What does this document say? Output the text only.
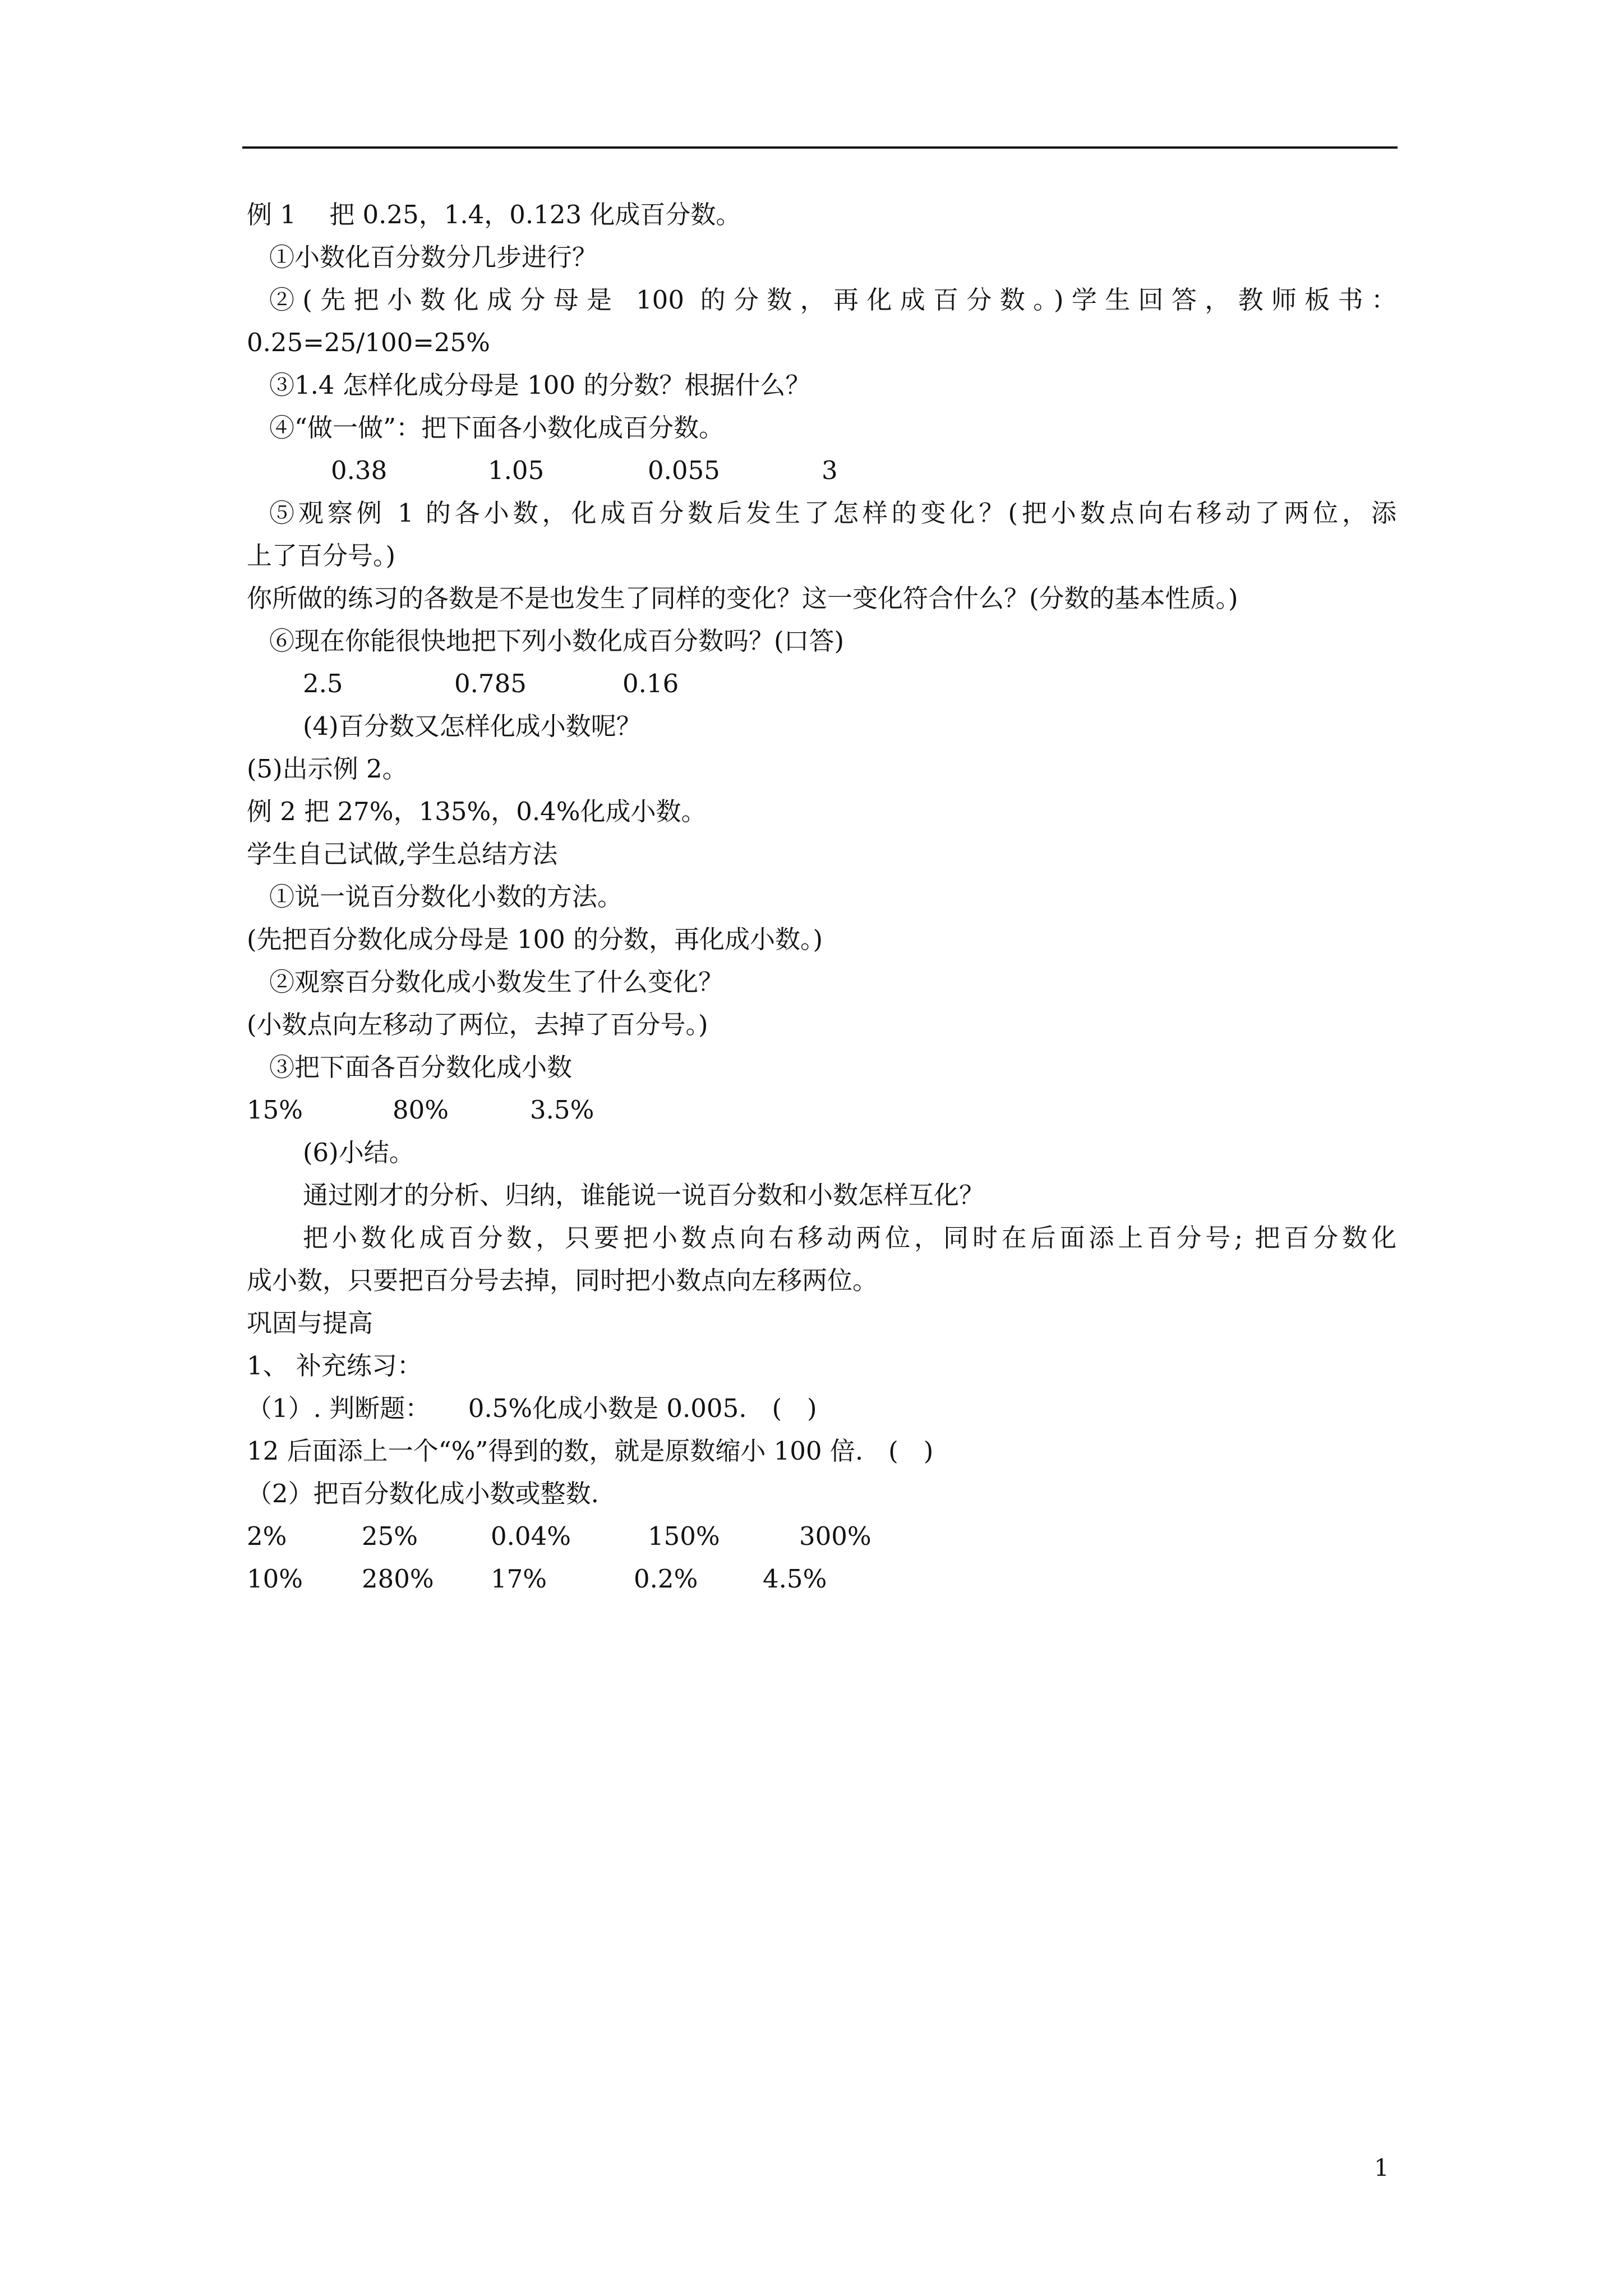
例 1　 把 0.25，1.4，0.123 化成百分数。
①小数化百分数分几步进行？
②(先把小数化成分母是 100 的分数，再化成百分数。)学生回答，教师板书：
0.25=25/100=25%
③1.4 怎样化成分母是 100 的分数？根据什么？
④“做一做”：把下面各小数化成百分数。
0.38	1.05	0.055	3
⑤观察例 1 的各小数，化成百分数后发生了怎样的变化？(把小数点向右移动了两位，添
上了百分号。)
你所做的练习的各数是不是也发生了同样的变化？这一变化符合什么？(分数的基本性质。)
⑥现在你能很快地把下列小数化成百分数吗？(口答)
2.5	0.785	0.16
(4)百分数又怎样化成小数呢？
(5)出示例 2。
例 2 把 27%，135%，0.4%化成小数。
学生自己试做,学生总结方法
①说一说百分数化小数的方法。
(先把百分数化成分母是 100 的分数，再化成小数。)
②观察百分数化成小数发生了什么变化？
(小数点向左移动了两位，去掉了百分号。)
③把下面各百分数化成小数
15%	80%	3.5%
(6)小结。
通过刚才的分析、归纳，谁能说一说百分数和小数怎样互化？
把小数化成百分数，只要把小数点向右移动两位，同时在后面添上百分号; 把百分数化
成小数，只要把百分号去掉，同时把小数点向左移两位。
巩固与提高
1、 补充练习：
（1）. 判断题：　　0.5%化成小数是 0.005.　(　)
12 后面添上一个“%”得到的数，就是原数缩小 100 倍.　(　)
（2）把百分数化成小数或整数.
2%	25%	0.04%	150%	300%
10%	280%	17%	0.2%	4.5%
1
